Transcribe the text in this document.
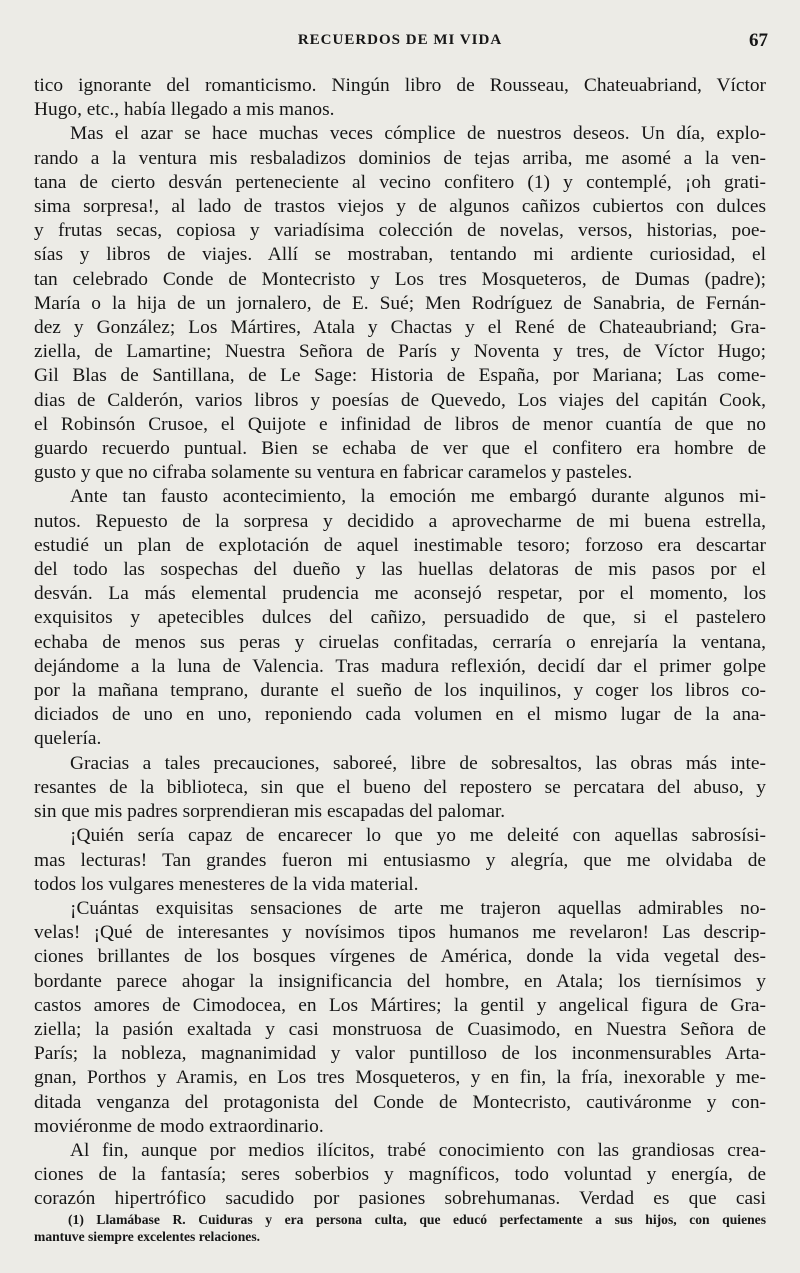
RECUERDOS DE MI VIDA	67
tico ignorante del romanticismo. Ningún libro de Rousseau, Chateuabriand, Víctor
Hugo, etc., había llegado a mis manos.
Mas el azar se hace muchas veces cómplice de nuestros deseos. Un día, explo-
rando a la ventura mis resbaladizos dominios de tejas arriba, me asomé a la ven-
tana de cierto desván perteneciente al vecino confitero (1) y contemplé, ¡oh grati-
sima sorpresa!, al lado de trastos viejos y de algunos cañizos cubiertos con dulces
y frutas secas, copiosa y variadísima colección de novelas, versos, historias, poe-
sías y libros de viajes. Allí se mostraban, tentando mi ardiente curiosidad, el
tan celebrado Conde de Montecristo y Los tres Mosqueteros, de Dumas (padre);
María o la hija de un jornalero, de E. Sué; Men Rodríguez de Sanabria, de Fernán-
dez y González; Los Mártires, Atala y Chactas y el René de Chateaubriand; Gra-
ziella, de Lamartine; Nuestra Señora de París y Noventa y tres, de Víctor Hugo;
Gil Blas de Santillana, de Le Sage: Historia de España, por Mariana; Las come-
dias de Calderón, varios libros y poesías de Quevedo, Los viajes del capitán Cook,
el Robinsón Crusoe, el Quijote e infinidad de libros de menor cuantía de que no
guardo recuerdo puntual. Bien se echaba de ver que el confitero era hombre de
gusto y que no cifraba solamente su ventura en fabricar caramelos y pasteles.
Ante tan fausto acontecimiento, la emoción me embargó durante algunos mi-
nutos. Repuesto de la sorpresa y decidido a aprovecharme de mi buena estrella,
estudié un plan de explotación de aquel inestimable tesoro; forzoso era descartar
del todo las sospechas del dueño y las huellas delatoras de mis pasos por el
desván. La más elemental prudencia me aconsejó respetar, por el momento, los
exquisitos y apetecibles dulces del cañizo, persuadido de que, si el pastelero
echaba de menos sus peras y ciruelas confitadas, cerraría o enrejaría la ventana,
dejándome a la luna de Valencia. Tras madura reflexión, decidí dar el primer golpe
por la mañana temprano, durante el sueño de los inquilinos, y coger los libros co-
diciados de uno en uno, reponiendo cada volumen en el mismo lugar de la ana-
quelería.
Gracias a tales precauciones, saboreé, libre de sobresaltos, las obras más inte-
resantes de la biblioteca, sin que el bueno del repostero se percatara del abuso, y
sin que mis padres sorprendieran mis escapadas del palomar.
¡Quién sería capaz de encarecer lo que yo me deleité con aquellas sabrosísi-
mas lecturas! Tan grandes fueron mi entusiasmo y alegría, que me olvidaba de
todos los vulgares menesteres de la vida material.
¡Cuántas exquisitas sensaciones de arte me trajeron aquellas admirables no-
velas! ¡Qué de interesantes y novísimos tipos humanos me revelaron! Las descrip-
ciones brillantes de los bosques vírgenes de América, donde la vida vegetal des-
bordante parece ahogar la insignificancia del hombre, en Atala; los tiernísimos y
castos amores de Cimodocea, en Los Mártires; la gentil y angelical figura de Gra-
ziella; la pasión exaltada y casi monstruosa de Cuasimodo, en Nuestra Señora de
París; la nobleza, magnanimidad y valor puntilloso de los inconmensurables Arta-
gnan, Porthos y Aramis, en Los tres Mosqueteros, y en fin, la fría, inexorable y me-
ditada venganza del protagonista del Conde de Montecristo, cautiváronme y con-
moviéronme de modo extraordinario.
Al fin, aunque por medios ilícitos, trabé conocimiento con las grandiosas crea-
ciones de la fantasía; seres soberbios y magníficos, todo voluntad y energía, de
corazón hipertrófico sacudido por pasiones sobrehumanas. Verdad es que casi
(1) Llamábase R. Cuiduras y era persona culta, que educó perfectamente a sus hijos, con quienes
mantuve siempre excelentes relaciones.
